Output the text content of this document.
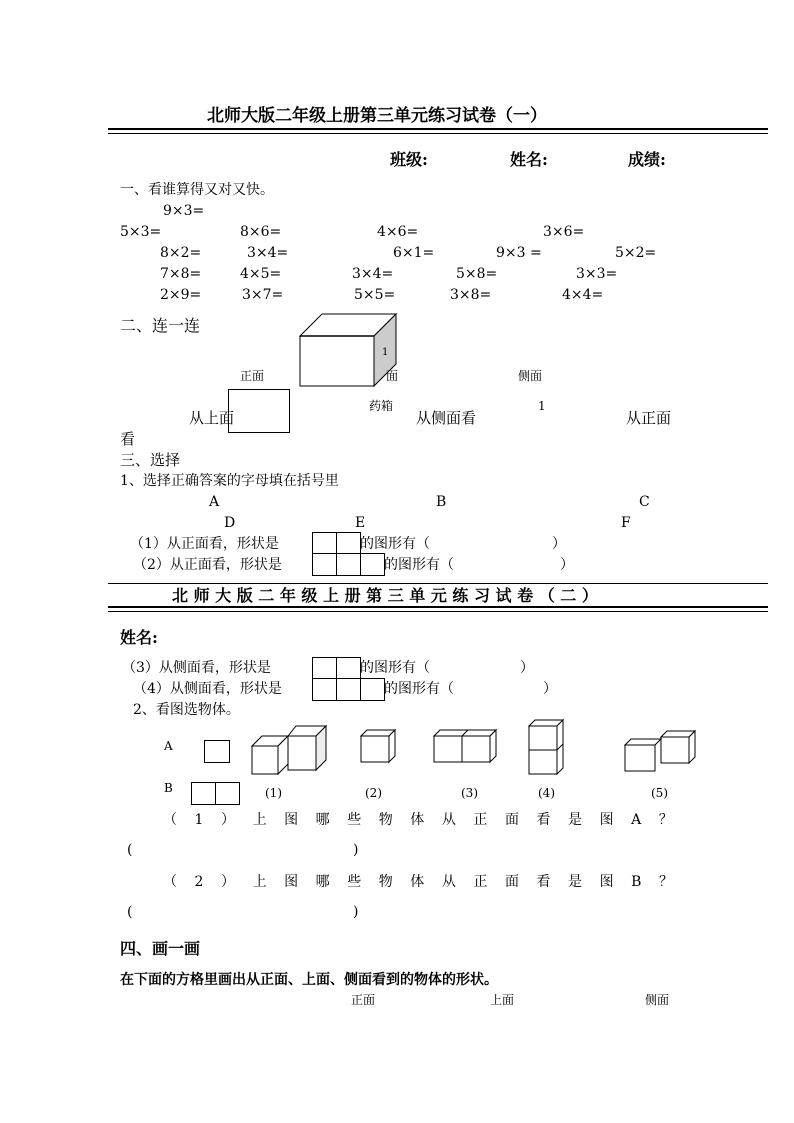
北师大版二年级上册第三单元练习试卷（一）
班级:	姓名:	成绩:
一、看谁算得又对又快。
9×3=
5×3=	8×6=	4×6=	3×6=
8×2=	3×4=	6×1=	9×3 =	5×2=
7×8=	4×5=	3×4=	5×8=	3×3=
2×9=	3×7=	5×5=	3×8=	4×4=
二、连一连
1
正面	面	侧面
药箱	1
从上面	从侧面看	从正面
看
三、选择
1、选择正确答案的字母填在括号里
A	B	C
D	E	F
（1）从正面看，形状是	的图形有（	）
（2）从正面看，形状是	的图形有（	）
北 师 大 版 二 年 级 上 册 第 三 单 元 练 习 试 卷 （ 二 ）
姓名:
（3）从侧面看，形状是	的图形有（	）
（4）从侧面看，形状是	的图形有（	）
2、看图选物体。
A
B	(1)	(2)	(3)	(4)	(5)
（ 1 ） 上 图 哪 些 物 体 从 正 面 看 是 图 A ？
(	)
（ 2 ） 上 图 哪 些 物 体 从 正 面 看 是 图 B ？
(	)
四、画一画
在下面的方格里画出从正面、上面、侧面看到的物体的形状。
正面	上面	侧面
